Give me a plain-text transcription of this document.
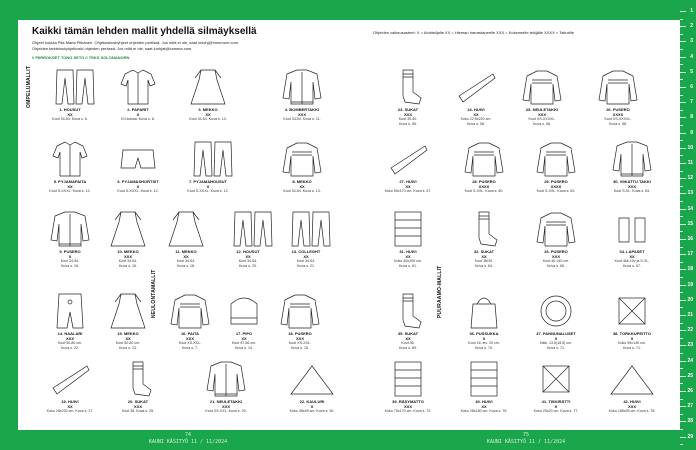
74
KAUNI KÄSITYÖ 11 / 11/2024
75
KAUNI KÄSITYÖ 11 / 11/2024
1
2
3
4
5
6
7
8
9
10
11
12
13
14
15
16
17
18
19
20
21
22
23
24
25
26
27
28
29
Kaikki tämän lehden mallit yhdellä silmäyksellä
Ohjeet koluaa Piia Maria Pitkänen. Ohjekeskuskyhjeet ohjeiden pertissä. Jos mitä ei ole, saat iusohj@hummom.com.
Ohjeiden tarkistuskyhjelkoski ohjeiden perässä. Jos mitä ei ole, saat luohjat@kamma.com.
// PIIRROKSET TONG SETO // TEKS SOLONANORN
Ohjeiden vaikeusasteet: X = Aloittelijalle XX = Hieman harrastaneelle XXX = Kokeneelle tekijälle XXXX = Taiturille
OMPELUMALLIT
NEULONTAMALLIT	PUURAAMO-MALLIT
1. HOUSUT
XX
Koot 34-54. Kuva s. 6.
2. PAPARIT
X
Eri koissa. Kuva s. 8.
3. MEKKO
XX
Koot 34-54. Kuva s. 10.
4. BOMBERTAKKI
XXX
Koot 34-54. Kuva s. 11.
5. PYJAMAPAITA
XX
Koot S-XXXL. Kuva s. 12.
6. PYJAMASHORTSIT
X
Koot S-XXXL. Kuva s. 12.
7. PYJAMAHOUSUT
X
Koot S-XXXL. Kuva s. 12.
8. MEKKO
XX
Koot 34-54. Kuva s. 13.
9. PUSERO
X
Koot 34-54.
Kuva s. 16.
10. MEKKO
XXX
Koot 34-54.
Kuva s. 16.
11. MEKKO
XX
Koot 34-54.
Kuva s. 18.
12. HOUSUT
XX
Koot 34-54.
Kuva s. 20.
13. COLLEGHT
XX
Koot 34-54.
Kuva s. 21.
14. HAALARI
XXX
Koot 50-80 cm.
Kuva s. 22.
15. MEKKO
XX
Koot 50-80 cm.
Kuva s. 23.
16. PAITA
XXX
Koot XS-XXL.
Kuva s. 7.
17. PIPO
XX
Koot 47-56 cm.
Kuva s. 14.
18. PUSERO
XXX
Koot XS-XXL.
Kuva s. 15.
19. HUIVI
XX
Koko 25x220 cm. Kuva s. 27.
20. SUKAT
XXX
Koot 38. Kuva s. 28.
21. NEULETAKKI
XXX
Koot XS-XXL. Kuva s. 29.
22. KAULURI
X
Koko 45x45 cm. Kuva s. 30.
23. SUKAT
XXX
Koot 39-40.
Kuva s. 55.
24. HUIVI
XX
Koko 22,5x220 cm.
Kuva s. 58.
25. NEULETAKKI
XXX
Koot XS-XXXXL.
Kuva s. 56.
26. PUSERO
XXXX
Koot XS-XXXXL.
Kuva s. 58.
27. HUIVI
XX
Koko 50x170 cm. Kuva s. 57.
28. PUSERO
XXXX
Koot S-XXL. Kuva s. 60.
29. PUSERO
XXXX
Koot S-XXL. Kuva s. 62.
30. VIIKATTU TAKKI
XXX
Koot S-XL. Kuva s. 63.
31. HUIVI
XX
Koko 40x200 cm.
Kuva s. 61.
32. SUKAT
XX
Koot 38/39.
Kuva s. 64.
33. PUSERO
XXX
Koot 40-140 cm.
Kuva s. 66.
34. LAPASET
XX
Koot 4kk-10v ja S-XL.
Kuva s. 67.
35. SUKAT
XX
Koot 35.
Kuva s. 69.
36. PUSSUKKA
X
Koot 16. lev. 20 cm.
Kuva s. 70.
37. PANNUNALUSET
X
Halk. 13,5(18,5) cm.
Kuva s. 71.
38. TORKKUPEITTO
X
Koko 95x140 cm.
Kuva s. 71.
39. RÄSYMATTO
XXX
Koko 70x170 cm. Kuva s. 72.
40. HUIVI
XX
Koko 28x180 cm. Kuva s. 76.
41. TISKIRÄTTI
X
Koko 20x20 cm. Kuva s. 77.
42. HUIVI
XXX
Koko 185x55 cm. Kuva s. 78.
